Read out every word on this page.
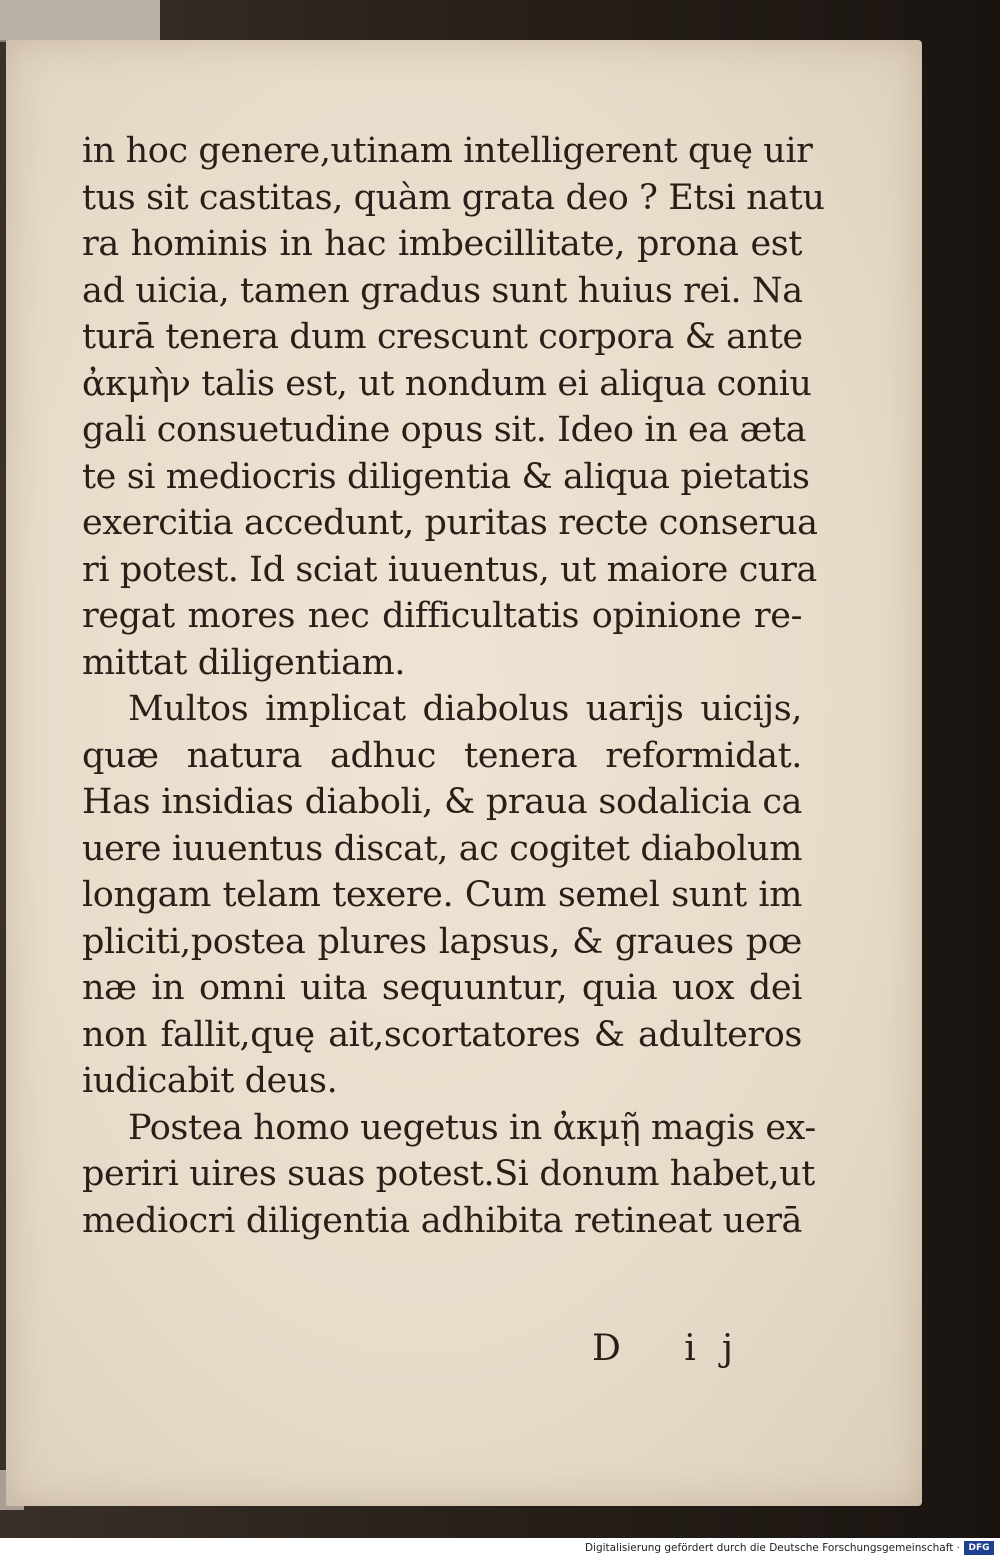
in hoc genere,utinam intelligerent quę uir
tus sit castitas, quàm grata deo ? Etsi natu
ra hominis in hac imbecillitate, prona est
ad uicia, tamen gradus sunt huius rei. Na
turā tenera dum crescunt corpora & ante
ἀκμὴν talis est, ut nondum ei aliqua coniu
gali consuetudine opus sit. Ideo in ea æta
te si mediocris diligentia & aliqua pietatis
exercitia accedunt, puritas recte conserua
ri potest. Id sciat iuuentus, ut maiore cura
regat mores nec difficultatis opinione re-
mittat diligentiam.
Multos implicat diabolus uarijs uicijs,
quæ natura adhuc tenera reformidat.
Has insidias diaboli, & praua sodalicia ca
uere iuuentus discat, ac cogitet diabolum
longam telam texere. Cum semel sunt im
pliciti,postea plures lapsus, & graues pœ
næ in omni uita sequuntur, quia uox dei
non fallit,quę ait,scortatores & adulteros
iudicabit deus.
Postea homo uegetus in ἀκμῇ magis ex-
periri uires suas potest.Si donum habet,ut
mediocri diligentia adhibita retineat uerā
D ij
Digitalisierung gefördert durch die Deutsche Forschungsgemeinschaft · DFG
